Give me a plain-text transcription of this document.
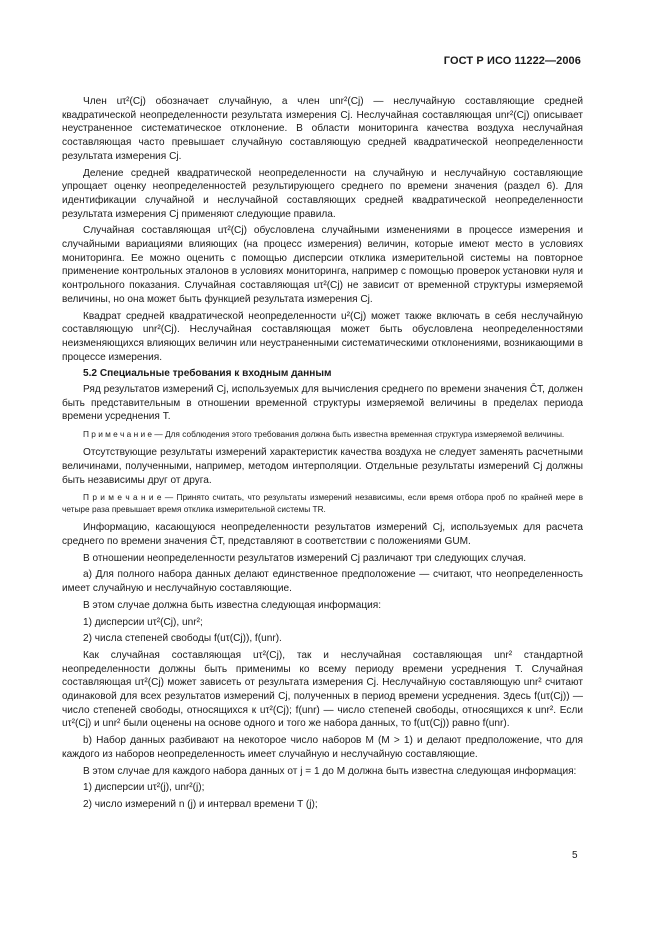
ГОСТ Р ИСО 11222—2006

Член uτ²(Cj) обозначает случайную, а член unr²(Cj) — неслучайную составляющие средней квадратической неопределенности результата измерения Cj. Неслучайная составляющая unr²(Cj) описывает неустраненное систематическое отклонение. В области мониторинга качества воздуха неслучайная составляющая часто превышает случайную составляющую средней квадратической неопределенности результата измерения Cj.

Деление средней квадратической неопределенности на случайную и неслучайную составляющие упрощает оценку неопределенностей результирующего среднего по времени значения (раздел 6). Для идентификации случайной и неслучайной составляющих средней квадратической неопределенности результата измерения Cj применяют следующие правила.

Случайная составляющая uτ²(Cj) обусловлена случайными изменениями в процессе измерения и случайными вариациями влияющих (на процесс измерения) величин, которые имеют место в условиях мониторинга. Ее можно оценить с помощью дисперсии отклика измерительной системы на повторное применение контрольных эталонов в условиях мониторинга, например с помощью проверок установки нуля и контрольного показания. Случайная составляющая uτ²(Cj) не зависит от временной структуры измеряемой величины, но она может быть функцией результата измерения Cj.

Квадрат средней квадратической неопределенности u²(Cj) может также включать в себя неслучайную составляющую unr²(Cj). Неслучайная составляющая может быть обусловлена неопределенностями неизменяющихся влияющих величин или неустраненными систематическими отклонениями, возникающими в процессе измерения.

5.2 Специальные требования к входным данным

Ряд результатов измерений Cj, используемых для вычисления среднего по времени значения C̄T, должен быть представительным в отношении временной структуры измеряемой величины в пределах периода времени усреднения T.

П р и м е ч а н и е — Для соблюдения этого требования должна быть известна временная структура измеряемой величины.

Отсутствующие результаты измерений характеристик качества воздуха не следует заменять расчетными величинами, полученными, например, методом интерполяции. Отдельные результаты измерений Cj должны быть независимы друг от друга.

П р и м е ч а н и е — Принято считать, что результаты измерений независимы, если время отбора проб по крайней мере в четыре раза превышает время отклика измерительной системы TR.

Информацию, касающуюся неопределенности результатов измерений Cj, используемых для расчета среднего по времени значения C̄T, представляют в соответствии с положениями GUM.

В отношении неопределенности результатов измерений Cj различают три следующих случая.

а) Для полного набора данных делают единственное предположение — считают, что неопределенность имеет случайную и неслучайную составляющие.

В этом случае должна быть известна следующая информация:

1) дисперсии uτ²(Cj), unr²;

2) числа степеней свободы f(uτ(Cj)), f(unr).

Как случайная составляющая uτ²(Cj), так и неслучайная составляющая unr² стандартной неопределенности должны быть применимы ко всему периоду времени усреднения T. Случайная составляющая uτ²(Cj) может зависеть от результата измерения Cj. Неслучайную составляющую unr² считают одинаковой для всех результатов измерений Cj, полученных в период времени усреднения. Здесь f(uτ(Cj)) — число степеней свободы, относящихся к uτ²(Cj); f(unr) — число степеней свободы, относящихся к unr². Если uτ²(Cj) и unr² были оценены на основе одного и того же набора данных, то f(uτ(Cj)) равно f(unr).

b) Набор данных разбивают на некоторое число наборов M (M > 1) и делают предположение, что для каждого из наборов неопределенность имеет случайную и неслучайную составляющие.

В этом случае для каждого набора данных от j = 1 до M должна быть известна следующая информация:

1) дисперсии uτ²(j), unr²(j);

2) число измерений n (j) и интервал времени T (j);

5
